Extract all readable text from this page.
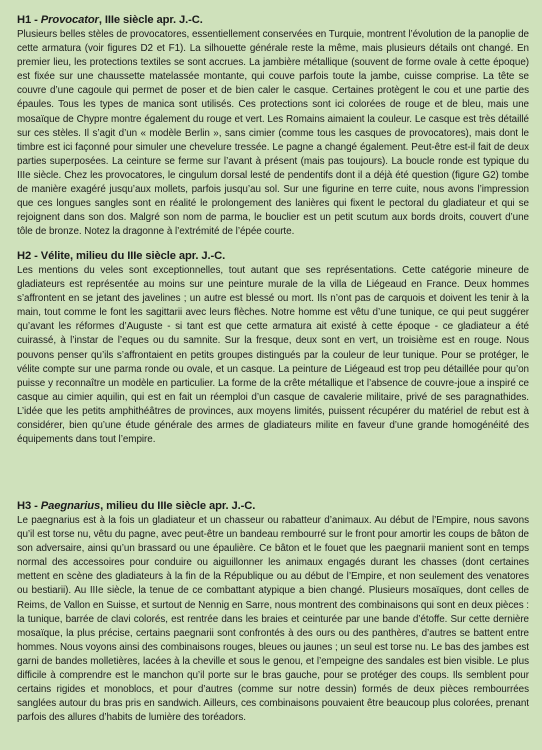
H1 - Provocator, IIIe siècle apr. J.-C.

Plusieurs belles stèles de provocatores, essentiellement conservées en Turquie, montrent l’évolution de la panoplie de cette armatura (voir figures D2 et F1). La silhouette générale reste la même, mais plusieurs détails ont changé. En premier lieu, les protections textiles se sont accrues. La jambière métallique (souvent de forme ovale à cette époque) est fixée sur une chaussette matelassée montante, qui couve parfois toute la jambe, cuisse comprise. La tête se couvre d’une cagoule qui permet de poser et de bien caler le casque. Certaines protègent le cou et une partie des épaules. Tous les types de manica sont utilisés. Ces protections sont ici colorées de rouge et de bleu, mais une mosaïque de Chypre montre également du rouge et vert. Les Romains aimaient la couleur. Le casque est très détaillé sur ces stèles. Il s’agit d’un « modèle Berlin », sans cimier (comme tous les casques de provocatores), mais dont le timbre est ici façonné pour simuler une chevelure tressée. Le pagne a changé également. Peut-être est-il fait de deux parties superposées. La ceinture se ferme sur l’avant à présent (mais pas toujours). La boucle ronde est typique du IIIe siècle. Chez les provocatores, le cingulum dorsal lesté de pendentifs dont il a déjà été question (figure G2) tombe de manière exagéré jusqu’aux mollets, parfois jusqu’au sol. Sur une figurine en terre cuite, nous avons l’impression que ces longues sangles sont en réalité le prolongement des lanières qui fixent le pectoral du gladiateur et qui se rejoignent dans son dos. Malgré son nom de parma, le bouclier est un petit scutum aux bords droits, couvert d’une tôle de bronze. Notez la dragonne à l’extrémité de l’épée courte.

H2 - Vélite, milieu du IIIe siècle apr. J.-C.

Les mentions du veles sont exceptionnelles, tout autant que ses représentations. Cette catégorie mineure de gladiateurs est représentée au moins sur une peinture murale de la villa de Liégeaud en France. Deux hommes s’affrontent en se jetant des javelines ; un autre est blessé ou mort. Ils n’ont pas de carquois et doivent les tenir à la main, tout comme le font les sagittarii avec leurs flèches. Notre homme est vêtu d’une tunique, ce qui peut suggérer qu’avant les réformes d’Auguste - si tant est que cette armatura ait existé à cette époque - ce gladiateur a été cuirassé, à l’instar de l’eques ou du samnite. Sur la fresque, deux sont en vert, un troisième est en rouge. Nous pouvons penser qu’ils s’affrontaient en petits groupes distingués par la couleur de leur tunique. Pour se protéger, le vélite compte sur une parma ronde ou ovale, et un casque. La peinture de Liégeaud est trop peu détaillée pour qu’on puisse y reconnaître un modèle en particulier. La forme de la crête métallique et l’absence de couvre-joue a inspiré ce casque au cimier aquilin, qui est en fait un réemploi d’un casque de cavalerie militaire, privé de ses paragnathides. L’idée que les petits amphithéâtres de provinces, aux moyens limités, puissent récupérer du matériel de rebut est à considérer, bien qu’une étude générale des armes de gladiateurs milite en faveur d’une grande homogénéité des équipements dans tout l’empire.

H3 - Paegnarius, milieu du IIIe siècle apr. J.-C.

Le paegnarius est à la fois un gladiateur et un chasseur ou rabatteur d’animaux. Au début de l’Empire, nous savons qu’il est torse nu, vêtu du pagne, avec peut-être un bandeau rembourré sur le front pour amortir les coups de bâton de son adversaire, ainsi qu’un brassard ou une épaulière. Ce bâton et le fouet que les paegnarii manient sont en temps normal des accessoires pour conduire ou aiguillonner les animaux engagés durant les chasses (dont certaines mettent en scène des gladiateurs à la fin de la République ou au début de l’Empire, et non seulement des venatores ou bestiarii). Au IIIe siècle, la tenue de ce combattant atypique a bien changé. Plusieurs mosaïques, dont celles de Reims, de Vallon en Suisse, et surtout de Nennig en Sarre, nous montrent des combinaisons qui sont en deux pièces : la tunique, barrée de clavi colorés, est rentrée dans les braies et ceinturée par une bande d’étoffe. Sur cette dernière mosaïque, la plus précise, certains paegnarii sont confrontés à des ours ou des panthères, d’autres se battent entre hommes. Nous voyons ainsi des combinaisons rouges, bleues ou jaunes ; un seul est torse nu. Le bas des jambes est garni de bandes molletières, lacées à la cheville et sous le genou, et l’empeigne des sandales est bien visible. Le plus difficile à comprendre est le manchon qu’il porte sur le bras gauche, pour se protéger des coups. Ils semblent pour certains rigides et monoblocs, et pour d’autres (comme sur notre dessin) formés de deux pièces rembourrées sanglées autour du bras pris en sandwich. Ailleurs, ces combinaisons pouvaient être beaucoup plus colorées, prenant parfois des allures d’habits de lumière des toréadors.
